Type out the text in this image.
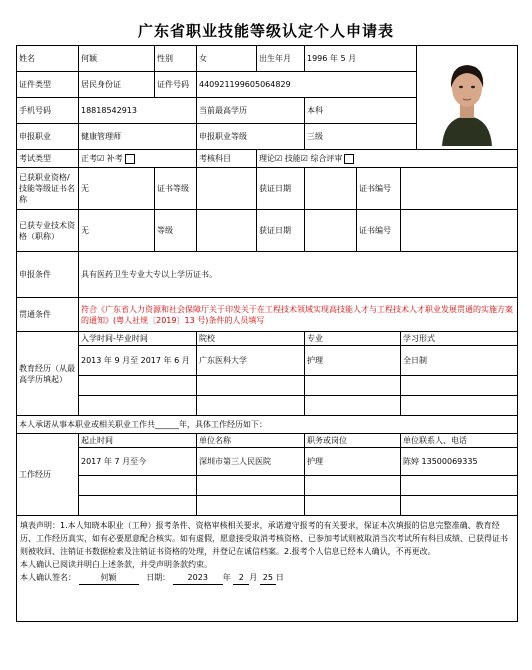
广东省职业技能等级认定个人申请表
姓名	何颖	性别	女	出生年月	1996 年 5 月	
证件类型	居民身份证	证件号码	440921199605064829					
手机号码	18818542913		当前最高学历		本科			
申报职业	健康管理师		申报职业等级		三级			
考试类型	正考☑ 补考		考核科目	理论☑ 技能☑ 综合评审				
已获职业资格/技能等级证书名称	无	证书等级		获证日期		证书编号		
已获专业技术资格（职称）	无	等级		获证日期		证书编号		
申报条件	具有医药卫生专业大专以上学历证书。							
贯通条件	符合《广东省人力资源和社会保障厅关于印发关于在工程技术领域实现高技能人才与工程技术人才职业发展贯通的实施方案的通知》(粤人社规〔2019〕13 号)条件的人员填写							
教育经历（从最高学历填起）	入学时间-毕业时间		院校		专业		学习形式	
	2013 年 9 月至 2017 年 6 月		广东医科大学		护理		全日制	

本人承诺从事本职业或相关职业工作共______年，具体工作经历如下：								
工作经历	起止时间		单位名称		职务或岗位		单位联系人、电话	
	2017 年 7 月至今		深圳市第三人民医院		护理		陈婷 13500069335	

填表声明：1.本人知晓本职业（工种）报考条件、资格审核相关要求，承诺遵守报考的有关要求，保证本次填报的信息完整准确、教育经历、工作经历真实，如有必要愿意配合核实。如有虚假，愿意接受取消考核资格、已参加考试则被取消当次考试所有科目成绩、已获得证书则被收回、注销证书数据检索及注销证书资格的处理，并登记在诚信档案。2.报考个人信息已经本人确认，不再更改。
本人确认已阅读并明白上述条款，并受声明条款约束。
本人确认签名： 何颖 日期： 2023 年 2 月 25 日								
